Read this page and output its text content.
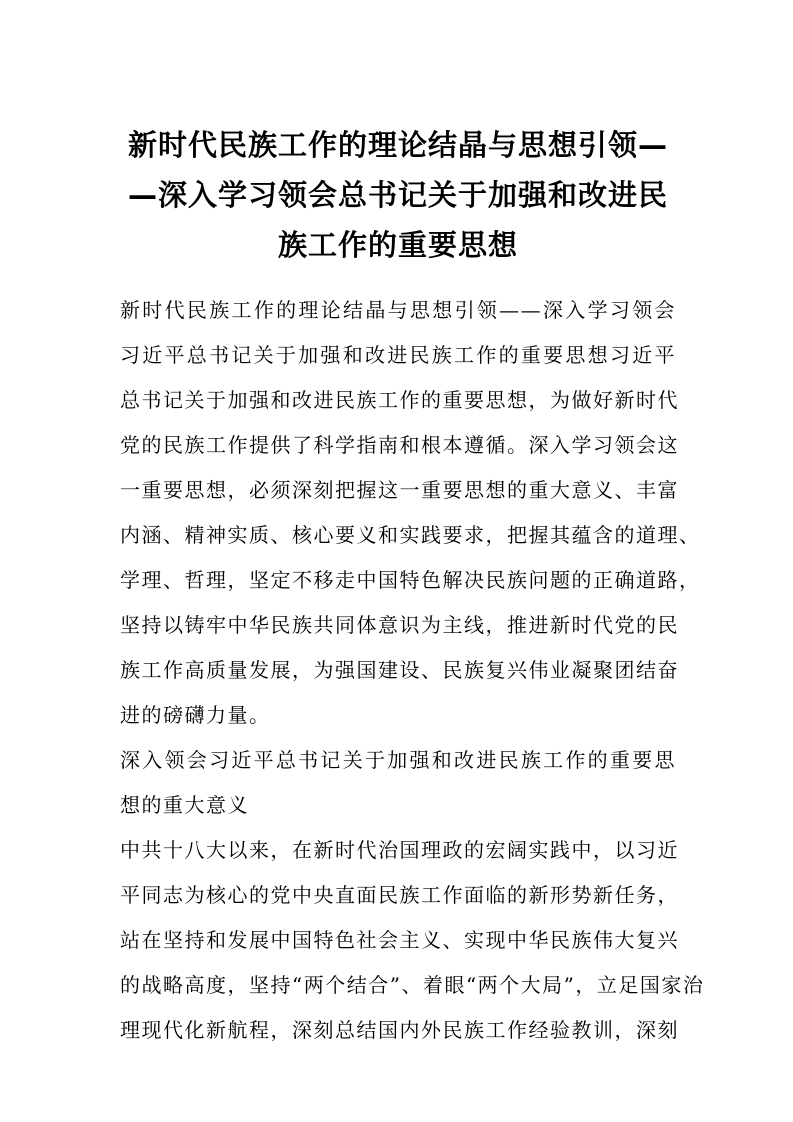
新时代民族工作的理论结晶与思想引领—
—深入学习领会总书记关于加强和改进民
族工作的重要思想

新时代民族工作的理论结晶与思想引领——深入学习领会
习近平总书记关于加强和改进民族工作的重要思想习近平
总书记关于加强和改进民族工作的重要思想，为做好新时代
党的民族工作提供了科学指南和根本遵循。深入学习领会这
一重要思想，必须深刻把握这一重要思想的重大意义、丰富
内涵、精神实质、核心要义和实践要求，把握其蕴含的道理、
学理、哲理，坚定不移走中国特色解决民族问题的正确道路，
坚持以铸牢中华民族共同体意识为主线，推进新时代党的民
族工作高质量发展，为强国建设、民族复兴伟业凝聚团结奋
进的磅礴力量。

深入领会习近平总书记关于加强和改进民族工作的重要思
想的重大意义

中共十八大以来，在新时代治国理政的宏阔实践中，以习近
平同志为核心的党中央直面民族工作面临的新形势新任务，
站在坚持和发展中国特色社会主义、实现中华民族伟大复兴
的战略高度，坚持“两个结合”、着眼“两个大局”，立足国家治
理现代化新航程，深刻总结国内外民族工作经验教训，深刻
